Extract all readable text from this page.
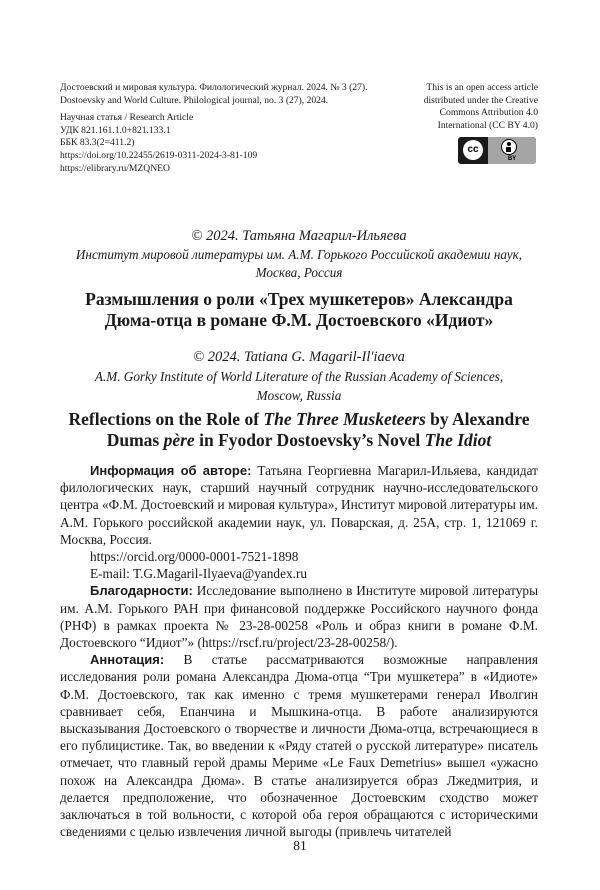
Достоевский и мировая культура. Филологический журнал. 2024. № 3 (27).
Dostoevsky and World Culture. Philological journal, no. 3 (27), 2024.
Научная статья / Research Article
УДК 821.161.1.0+821.133.1
ББК 83.3(2=411.2)
https://doi.org/10.22455/2619-0311-2024-3-81-109
https://elibrary.ru/MZQNEO
This is an open access article
distributed under the Creative
Commons Attribution 4.0
International (CC BY 4.0)
cc
BY
© 2024. Татьяна Магарил-Ильяева
Институт мировой литературы им. А.М. Горького Российской академии наук,
Москва, Россия
Размышления о роли «Трех мушкетеров» Александра
Дюма-отца в романе Ф.М. Достоевского «Идиот»
© 2024. Tatiana G. Magaril-Il'iaeva
A.M. Gorky Institute of World Literature of the Russian Academy of Sciences,
Moscow, Russia
Reflections on the Role of The Three Musketeers by Alexandre
Dumas père in Fyodor Dostoevsky’s Novel The Idiot

Информация об авторе: Татьяна Георгиевна Магарил-Ильяева, кандидат филологических наук, старший научный сотрудник научно-исследовательского центра «Ф.М. Достоевский и мировая культура», Институт мировой литературы им. А.М. Горького российской академии наук, ул. Поварская, д. 25А, стр. 1, 121069 г. Москва, Россия.

https://orcid.org/0000-0001-7521-1898

E-mail: T.G.Magaril-Ilyaeva@yandex.ru

Благодарности: Исследование выполнено в Институте мировой литературы им. А.М. Горького РАН при финансовой поддержке Российского научного фонда (РНФ) в рамках проекта № 23-28-00258 «Роль и образ книги в романе Ф.М. Достоевского “Идиот”» (https://rscf.ru/project/23-28-00258/).

Аннотация: В статье рассматриваются возможные направления исследования роли романа Александра Дюма-отца “Три мушкетера” в «Идиоте» Ф.М. Достоевского, так как именно с тремя мушкетерами генерал Иволгин сравнивает себя, Епанчина и Мышкина-отца. В работе анализируются высказывания Достоевского о творчестве и личности Дюма-отца, встречающиеся в его публицистике. Так, во введении к «Ряду статей о русской литературе» писатель отмечает, что главный герой драмы Мериме «Le Faux Demetrius» вышел «ужасно похож на Александра Дюма». В статье анализируется образ Лжедмитрия, и делается предположение, что обозначенное Достоевским сходство может заключаться в той вольности, с которой оба героя обращаются с историческими сведениями с целью извлечения личной выгоды (привлечь читателей

81
